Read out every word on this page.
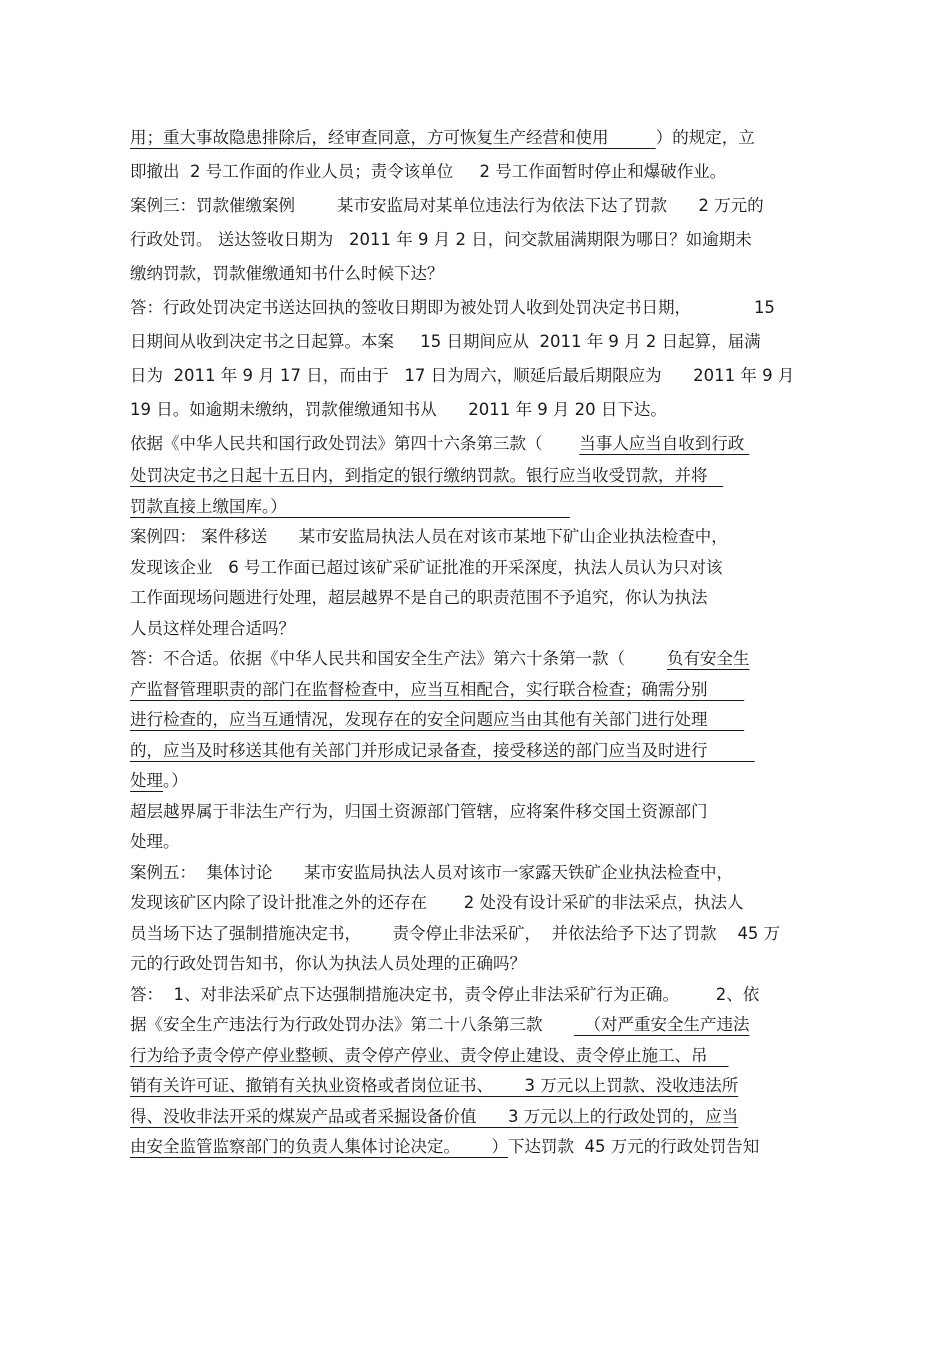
用；重大事故隐患排除后，经审查同意，方可恢复生产经营和使用	）的规定，立
即撤出  2 号工作面的作业人员；责令该单位     2 号工作面暂时停止和爆破作业。
案例三：罚款催缴案例        某市安监局对某单位违法行为依法下达了罚款      2 万元的
行政处罚。 送达签收日期为   2011 年 9 月 2 日，问交款届满期限为哪日？如逾期未
缴纳罚款，罚款催缴通知书什么时候下达？
答：行政处罚决定书送达回执的签收日期即为被处罚人收到处罚决定书日期，            15
日期间从收到决定书之日起算。本案     15 日期间应从  2011 年 9 月 2 日起算，届满
日为  2011 年 9 月 17 日，而由于   17 日为周六，顺延后最后期限应为      2011 年 9 月
19 日。如逾期未缴纳，罚款催缴通知书从      2011 年 9 月 20 日下达。
依据《中华人民共和国行政处罚法》第四十六条第三款（       当事人应当自收到行政
处罚决定书之日起十五日内，到指定的银行缴纳罚款。银行应当收受罚款，并将
罚款直接上缴国库。）
案例四： 案件移送      某市安监局执法人员在对该市某地下矿山企业执法检查中，
发现该企业   6 号工作面已超过该矿采矿证批准的开采深度，执法人员认为只对该
工作面现场问题进行处理，超层越界不是自己的职责范围不予追究，你认为执法
人员这样处理合适吗？
答：不合适。依据《中华人民共和国安全生产法》第六十条第一款（        负有安全生
产监督管理职责的部门在监督检查中，应当互相配合，实行联合检查；确需分别
进行检查的，应当互通情况，发现存在的安全问题应当由其他有关部门进行处理
的，应当及时移送其他有关部门并形成记录备查，接受移送的部门应当及时进行
处理。）
超层越界属于非法生产行为，归国土资源部门管辖，应将案件移交国土资源部门
处理。
案例五：  集体讨论      某市安监局执法人员对该市一家露天铁矿企业执法检查中，
发现该矿区内除了设计批准之外的还存在       2 处没有设计采矿的非法采点，执法人
员当场下达了强制措施决定书，      责令停止非法采矿，  并依法给予下达了罚款    45 万
元的行政处罚告知书，你认为执法人员处理的正确吗？
答：  1、对非法采矿点下达强制措施决定书，责令停止非法采矿行为正确。       2、依
据《安全生产违法行为行政处罚办法》第二十八条第三款        （对严重安全生产违法
行为给予责令停产停业整顿、责令停产停业、责令停止建设、责令停止施工、吊
销有关许可证、撤销有关执业资格或者岗位证书、      3 万元以上罚款、没收违法所
得、没收非法开采的煤炭产品或者采掘设备价值      3 万元以上的行政处罚的，应当
由安全监管监察部门的负责人集体讨论决定。      ）下达罚款  45 万元的行政处罚告知
